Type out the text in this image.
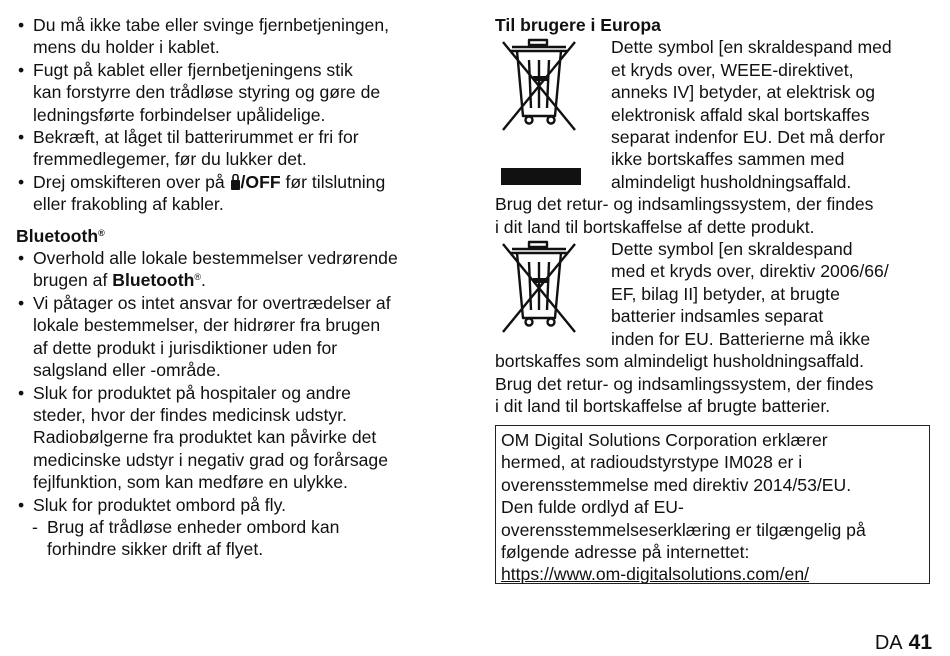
• Du må ikke tabe eller svinge fjernbetjeningen,
mens du holder i kablet.
• Fugt på kablet eller fjernbetjeningens stik
kan forstyrre den trådløse styring og gøre de
ledningsførte forbindelser upålidelige.
• Bekræft, at låget til batterirummet er fri for
fremmedlegemer, før du lukker det.
• Drej omskifteren over på /OFF før tilslutning
eller frakobling af kabler.
Bluetooth®
• Overhold alle lokale bestemmelser vedrørende
brugen af Bluetooth®.
• Vi påtager os intet ansvar for overtrædelser af
lokale bestemmelser, der hidrører fra brugen
af dette produkt i jurisdiktioner uden for
salgsland eller -område.
• Sluk for produktet på hospitaler og andre
steder, hvor der findes medicinsk udstyr.
Radiobølgerne fra produktet kan påvirke det
medicinske udstyr i negativ grad og forårsage
fejlfunktion, som kan medføre en ulykke.
• Sluk for produktet ombord på fly.
- Brug af trådløse enheder ombord kan
forhindre sikker drift af flyet.
Til brugere i Europa
Dette symbol [en skraldespand med
et kryds over, WEEE-direktivet,
anneks IV] betyder, at elektrisk og
elektronisk affald skal bortskaffes
separat indenfor EU. Det må derfor
ikke bortskaffes sammen med
almindeligt husholdningsaffald.
Brug det retur- og indsamlingssystem, der findes
i dit land til bortskaffelse af dette produkt.
Dette symbol [en skraldespand
med et kryds over, direktiv 2006/66/
EF, bilag II] betyder, at brugte
batterier indsamles separat
inden for EU. Batterierne må ikke
bortskaffes som almindeligt husholdningsaffald.
Brug det retur- og indsamlingssystem, der findes
i dit land til bortskaffelse af brugte batterier.
OM Digital Solutions Corporation erklærer
hermed, at radioudstyrstype IM028 er i
overensstemmelse med direktiv 2014/53/EU.
Den fulde ordlyd af EU-
overensstemmelseserklæring er tilgængelig på
følgende adresse på internettet:
https://www.om-digitalsolutions.com/en/
DA 41
